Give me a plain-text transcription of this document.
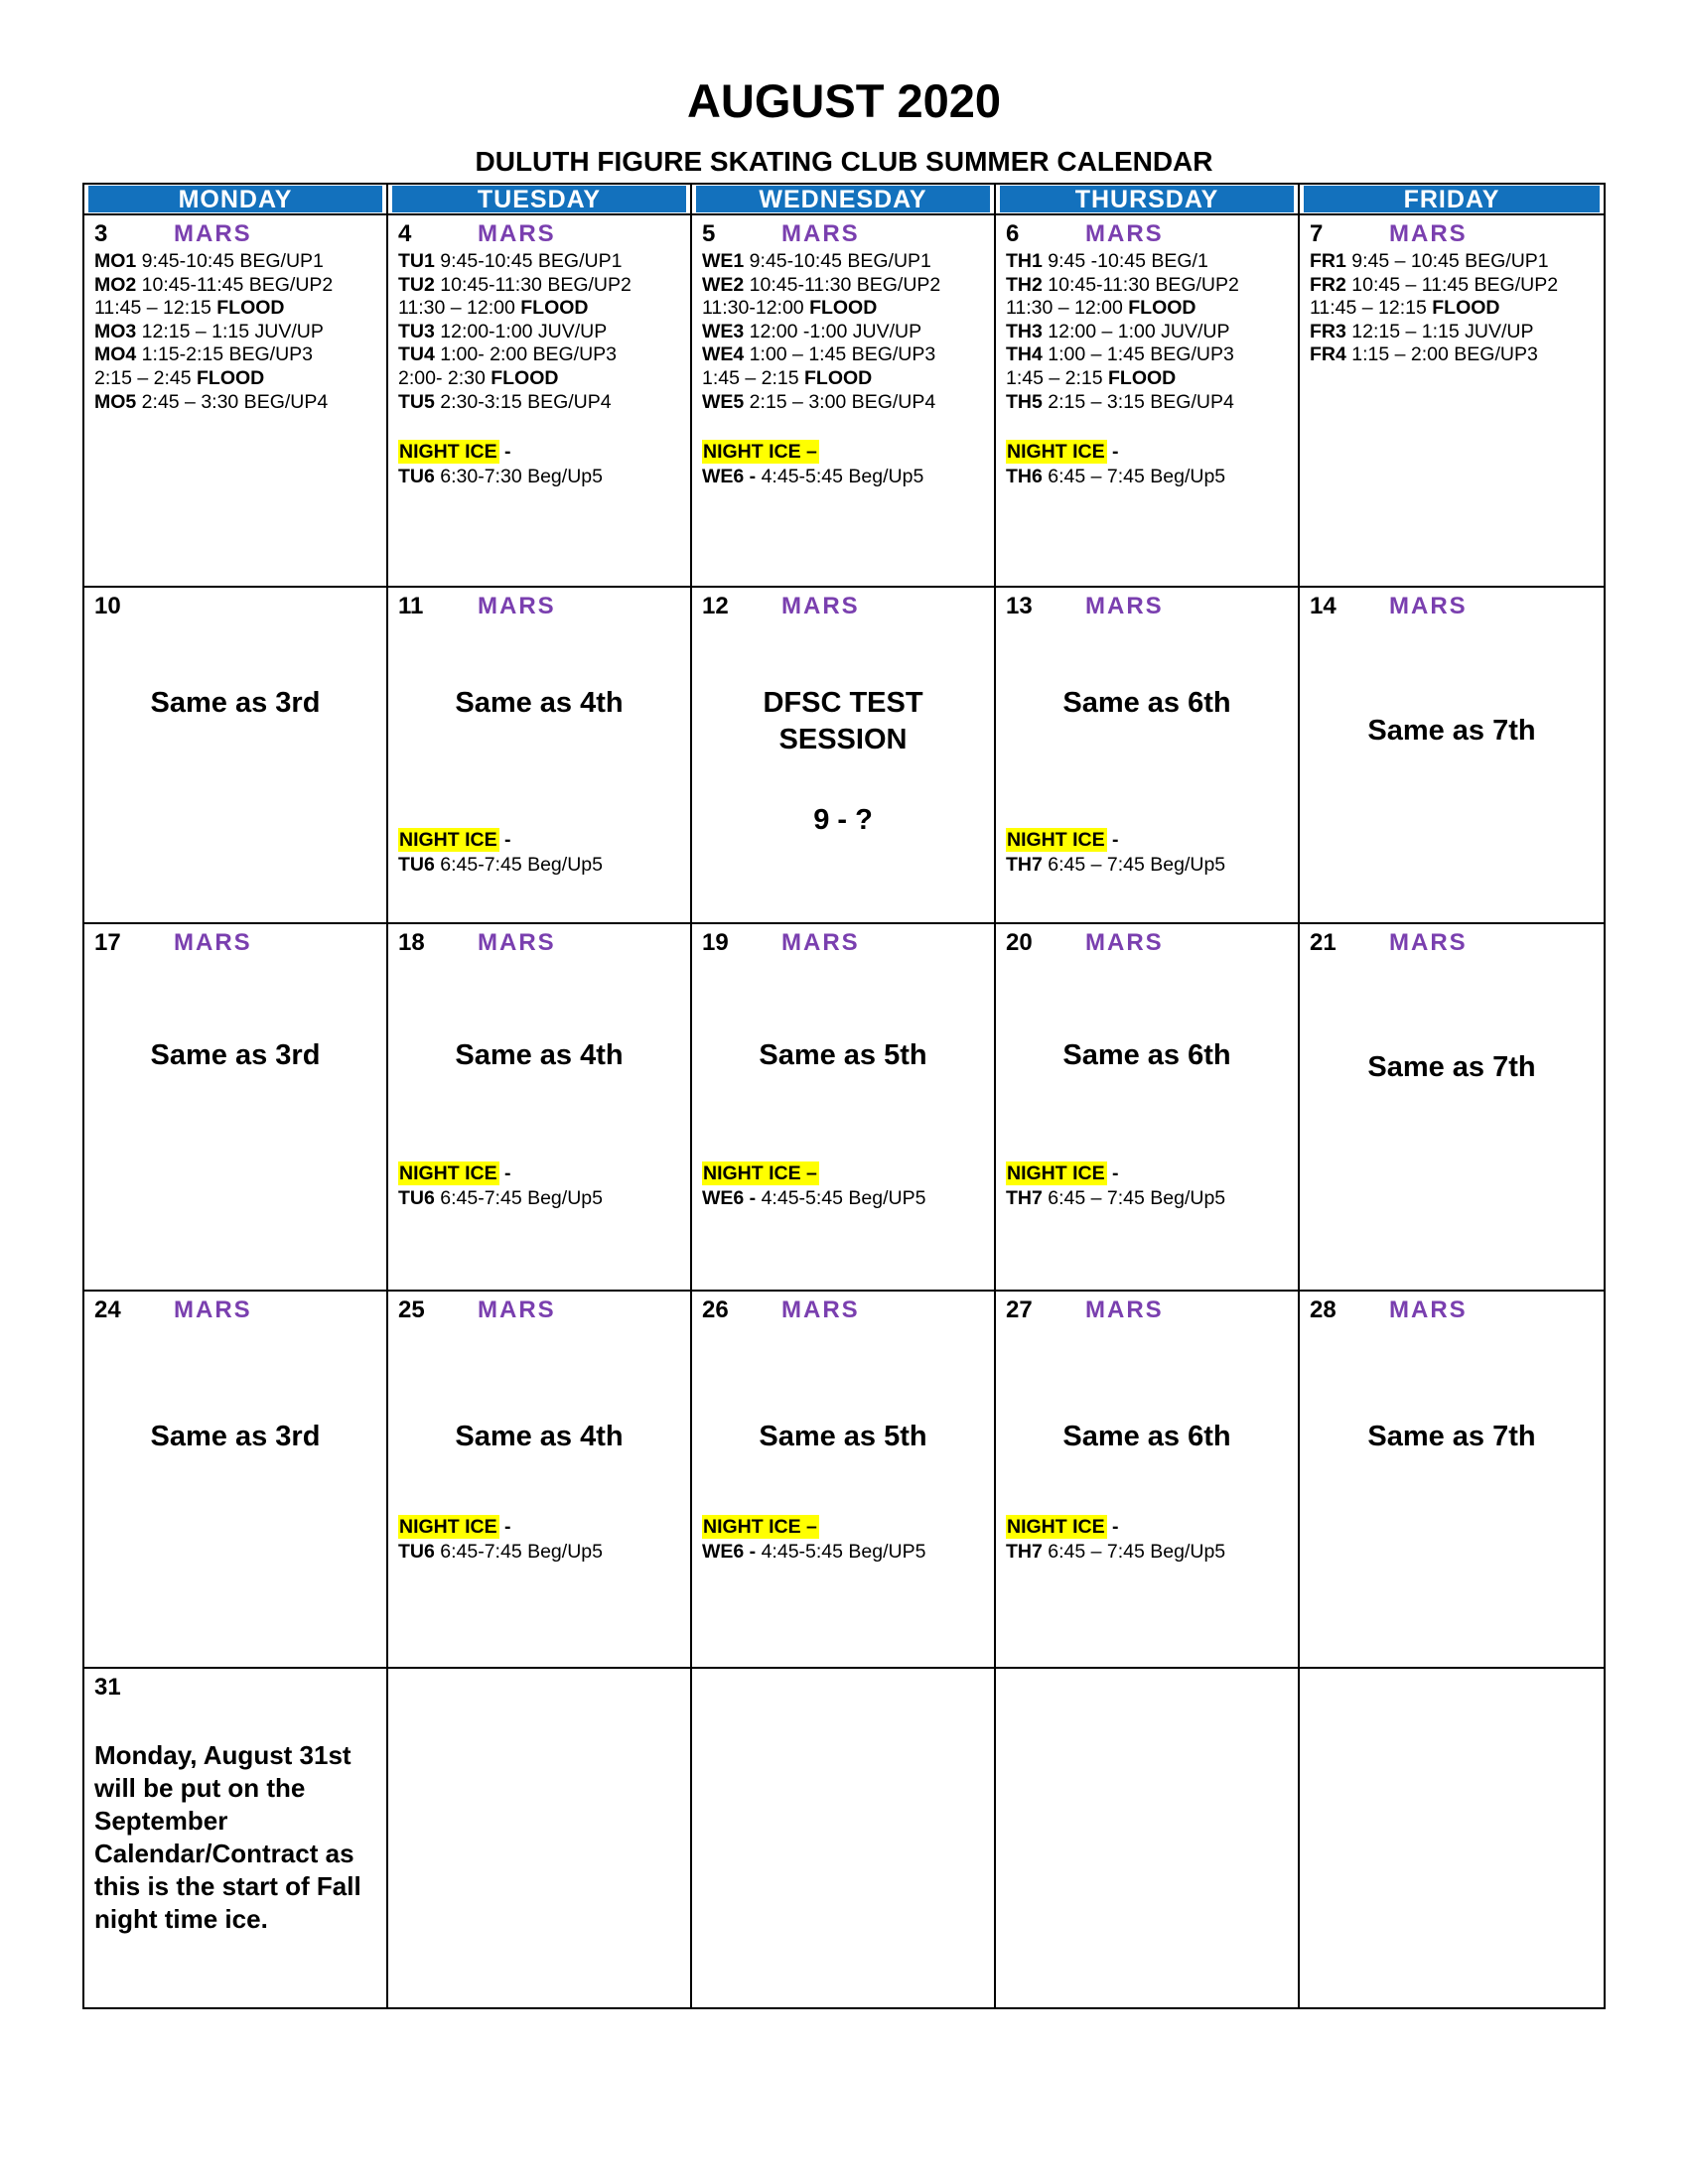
AUGUST 2020
DULUTH FIGURE SKATING CLUB SUMMER CALENDAR
MONDAY	TUESDAY	WEDNESDAY	THURSDAY	FRIDAY
3	MARS
MO1 9:45-10:45 BEG/UP1
MO2 10:45-11:45 BEG/UP2
11:45 – 12:15 FLOOD
MO3 12:15 – 1:15 JUV/UP
MO4 1:15-2:15 BEG/UP3
2:15 – 2:45 FLOOD
MO5 2:45 – 3:30 BEG/UP4
4	MARS
TU1 9:45-10:45 BEG/UP1
TU2 10:45-11:30 BEG/UP2
11:30 – 12:00 FLOOD
TU3 12:00-1:00 JUV/UP
TU4 1:00- 2:00 BEG/UP3
2:00- 2:30 FLOOD
TU5 2:30-3:15 BEG/UP4
NIGHT ICE -
TU6 6:30-7:30 Beg/Up5
5	MARS
WE1 9:45-10:45 BEG/UP1
WE2 10:45-11:30 BEG/UP2
11:30-12:00 FLOOD
WE3 12:00 -1:00 JUV/UP
WE4 1:00 – 1:45 BEG/UP3
1:45 – 2:15 FLOOD
WE5 2:15 – 3:00 BEG/UP4
NIGHT ICE –
WE6 - 4:45-5:45 Beg/Up5
6	MARS
TH1 9:45 -10:45 BEG/1
TH2 10:45-11:30 BEG/UP2
11:30 – 12:00 FLOOD
TH3 12:00 – 1:00 JUV/UP
TH4 1:00 – 1:45 BEG/UP3
1:45 – 2:15 FLOOD
TH5 2:15 – 3:15 BEG/UP4
NIGHT ICE -
TH6 6:45 – 7:45 Beg/Up5
7	MARS
FR1 9:45 – 10:45 BEG/UP1
FR2 10:45 – 11:45 BEG/UP2
11:45 – 12:15 FLOOD
FR3 12:15 – 1:15 JUV/UP
FR4 1:15 – 2:00 BEG/UP3
10
Same as 3rd
11	MARS
Same as 4th
NIGHT ICE -
TU6 6:45-7:45 Beg/Up5
12	MARS
DFSC TEST SESSION
9 - ?
13	MARS
Same as 6th
NIGHT ICE -
TH7 6:45 – 7:45 Beg/Up5
14	MARS
Same as 7th
17	MARS
Same as 3rd
18	MARS
Same as 4th
NIGHT ICE -
TU6 6:45-7:45 Beg/Up5
19	MARS
Same as 5th
NIGHT ICE –
WE6 - 4:45-5:45 Beg/UP5
20	MARS
Same as 6th
NIGHT ICE -
TH7 6:45 – 7:45 Beg/Up5
21	MARS
Same as 7th
24	MARS
Same as 3rd
25	MARS
Same as 4th
NIGHT ICE -
TU6 6:45-7:45 Beg/Up5
26	MARS
Same as 5th
NIGHT ICE –
WE6 - 4:45-5:45 Beg/UP5
27	MARS
Same as 6th
NIGHT ICE -
TH7 6:45 – 7:45 Beg/Up5
28	MARS
Same as 7th
31
Monday, August 31st will be put on the September Calendar/Contract as this is the start of Fall night time ice.
